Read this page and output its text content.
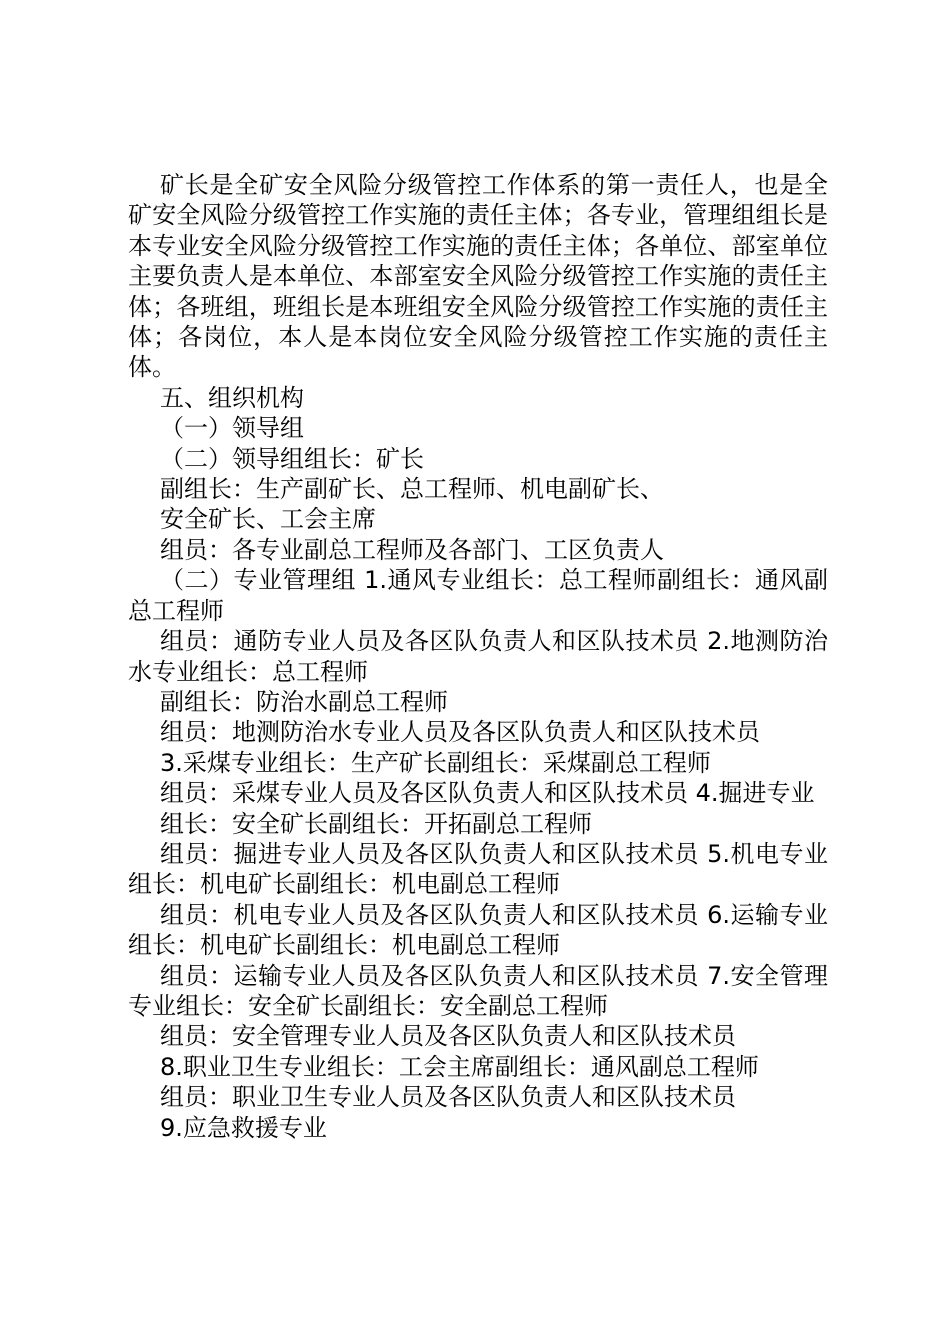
矿长是全矿安全风险分级管控工作体系的第一责任人，也是全矿安全风险分级管控工作实施的责任主体；各专业，管理组组长是本专业安全风险分级管控工作实施的责任主体；各单位、部室单位主要负责人是本单位、本部室安全风险分级管控工作实施的责任主体；各班组，班组长是本班组安全风险分级管控工作实施的责任主体；各岗位，本人是本岗位安全风险分级管控工作实施的责任主体。

五、组织机构

（一）领导组

（二）领导组组长：矿长

副组长：生产副矿长、总工程师、机电副矿长、

安全矿长、工会主席

组员：各专业副总工程师及各部门、工区负责人

（二）专业管理组 1.通风专业组长：总工程师副组长：通风副总工程师

组员：通防专业人员及各区队负责人和区队技术员 2.地测防治水专业组长：总工程师

副组长：防治水副总工程师

组员：地测防治水专业人员及各区队负责人和区队技术员

3.采煤专业组长：生产矿长副组长：采煤副总工程师

组员：采煤专业人员及各区队负责人和区队技术员 4.掘进专业

组长：安全矿长副组长：开拓副总工程师

组员：掘进专业人员及各区队负责人和区队技术员 5.机电专业组长：机电矿长副组长：机电副总工程师

组员：机电专业人员及各区队负责人和区队技术员 6.运输专业组长：机电矿长副组长：机电副总工程师

组员：运输专业人员及各区队负责人和区队技术员 7.安全管理专业组长：安全矿长副组长：安全副总工程师

组员：安全管理专业人员及各区队负责人和区队技术员

8.职业卫生专业组长：工会主席副组长：通风副总工程师

组员：职业卫生专业人员及各区队负责人和区队技术员

9.应急救援专业
